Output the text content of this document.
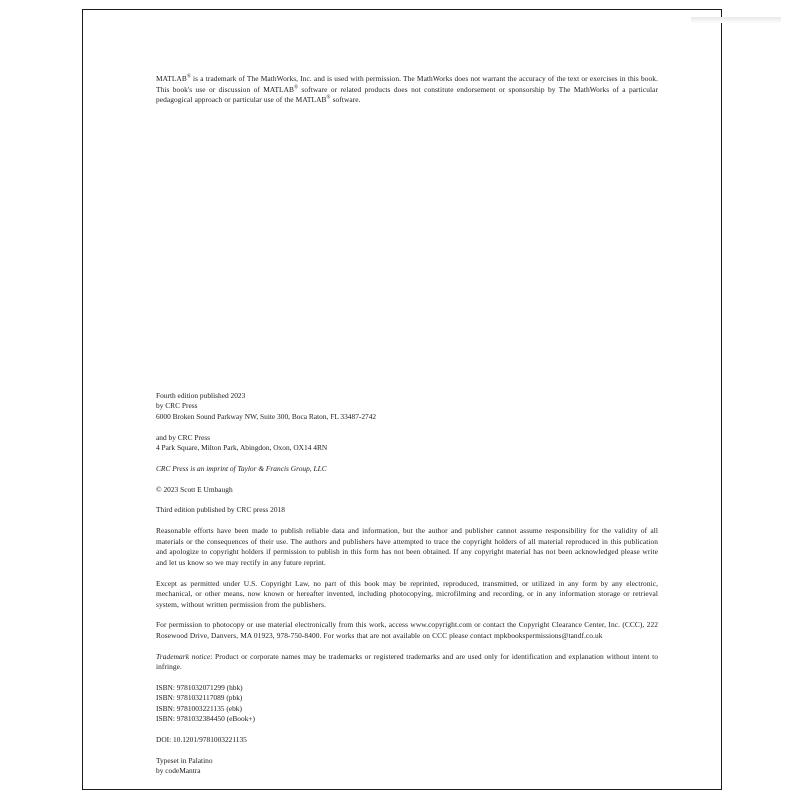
MATLAB® is a trademark of The MathWorks, Inc. and is used with permission. The MathWorks does not warrant the accuracy of the text or exercises in this book. This book's use or discussion of MATLAB® software or related products does not constitute endorsement or sponsorship by The MathWorks of a particular pedagogical approach or particular use of the MATLAB® software.

Fourth edition published 2023
by CRC Press
6000 Broken Sound Parkway NW, Suite 300, Boca Raton, FL 33487-2742
and by CRC Press
4 Park Square, Milton Park, Abingdon, Oxon, OX14 4RN
CRC Press is an imprint of Taylor & Francis Group, LLC
© 2023 Scott E Umbaugh
Third edition published by CRC press 2018

Reasonable efforts have been made to publish reliable data and information, but the author and publisher cannot assume responsibility for the validity of all materials or the consequences of their use. The authors and publishers have attempted to trace the copyright holders of all material reproduced in this publication and apologize to copyright holders if permission to publish in this form has not been obtained. If any copyright material has not been acknowledged please write and let us know so we may rectify in any future reprint.

Except as permitted under U.S. Copyright Law, no part of this book may be reprinted, reproduced, transmitted, or utilized in any form by any electronic, mechanical, or other means, now known or hereafter invented, including photocopying, microfilming and recording, or in any information storage or retrieval system, without written permission from the publishers.

For permission to photocopy or use material electronically from this work, access www.copyright.com or contact the Copyright Clearance Center, Inc. (CCC), 222 Rosewood Drive, Danvers, MA 01923, 978-750-8400. For works that are not available on CCC please contact mpkbookspermissions@tandf.co.uk

Trademark notice: Product or corporate names may be trademarks or registered trademarks and are used only for identification and explanation without intent to infringe.

ISBN: 9781032071299 (hbk)
ISBN: 9781032117089 (pbk)
ISBN: 9781003221135 (ebk)
ISBN: 9781032384450 (eBook+)
DOI: 10.1201/9781003221135
Typeset in Palatino
by codeMantra
